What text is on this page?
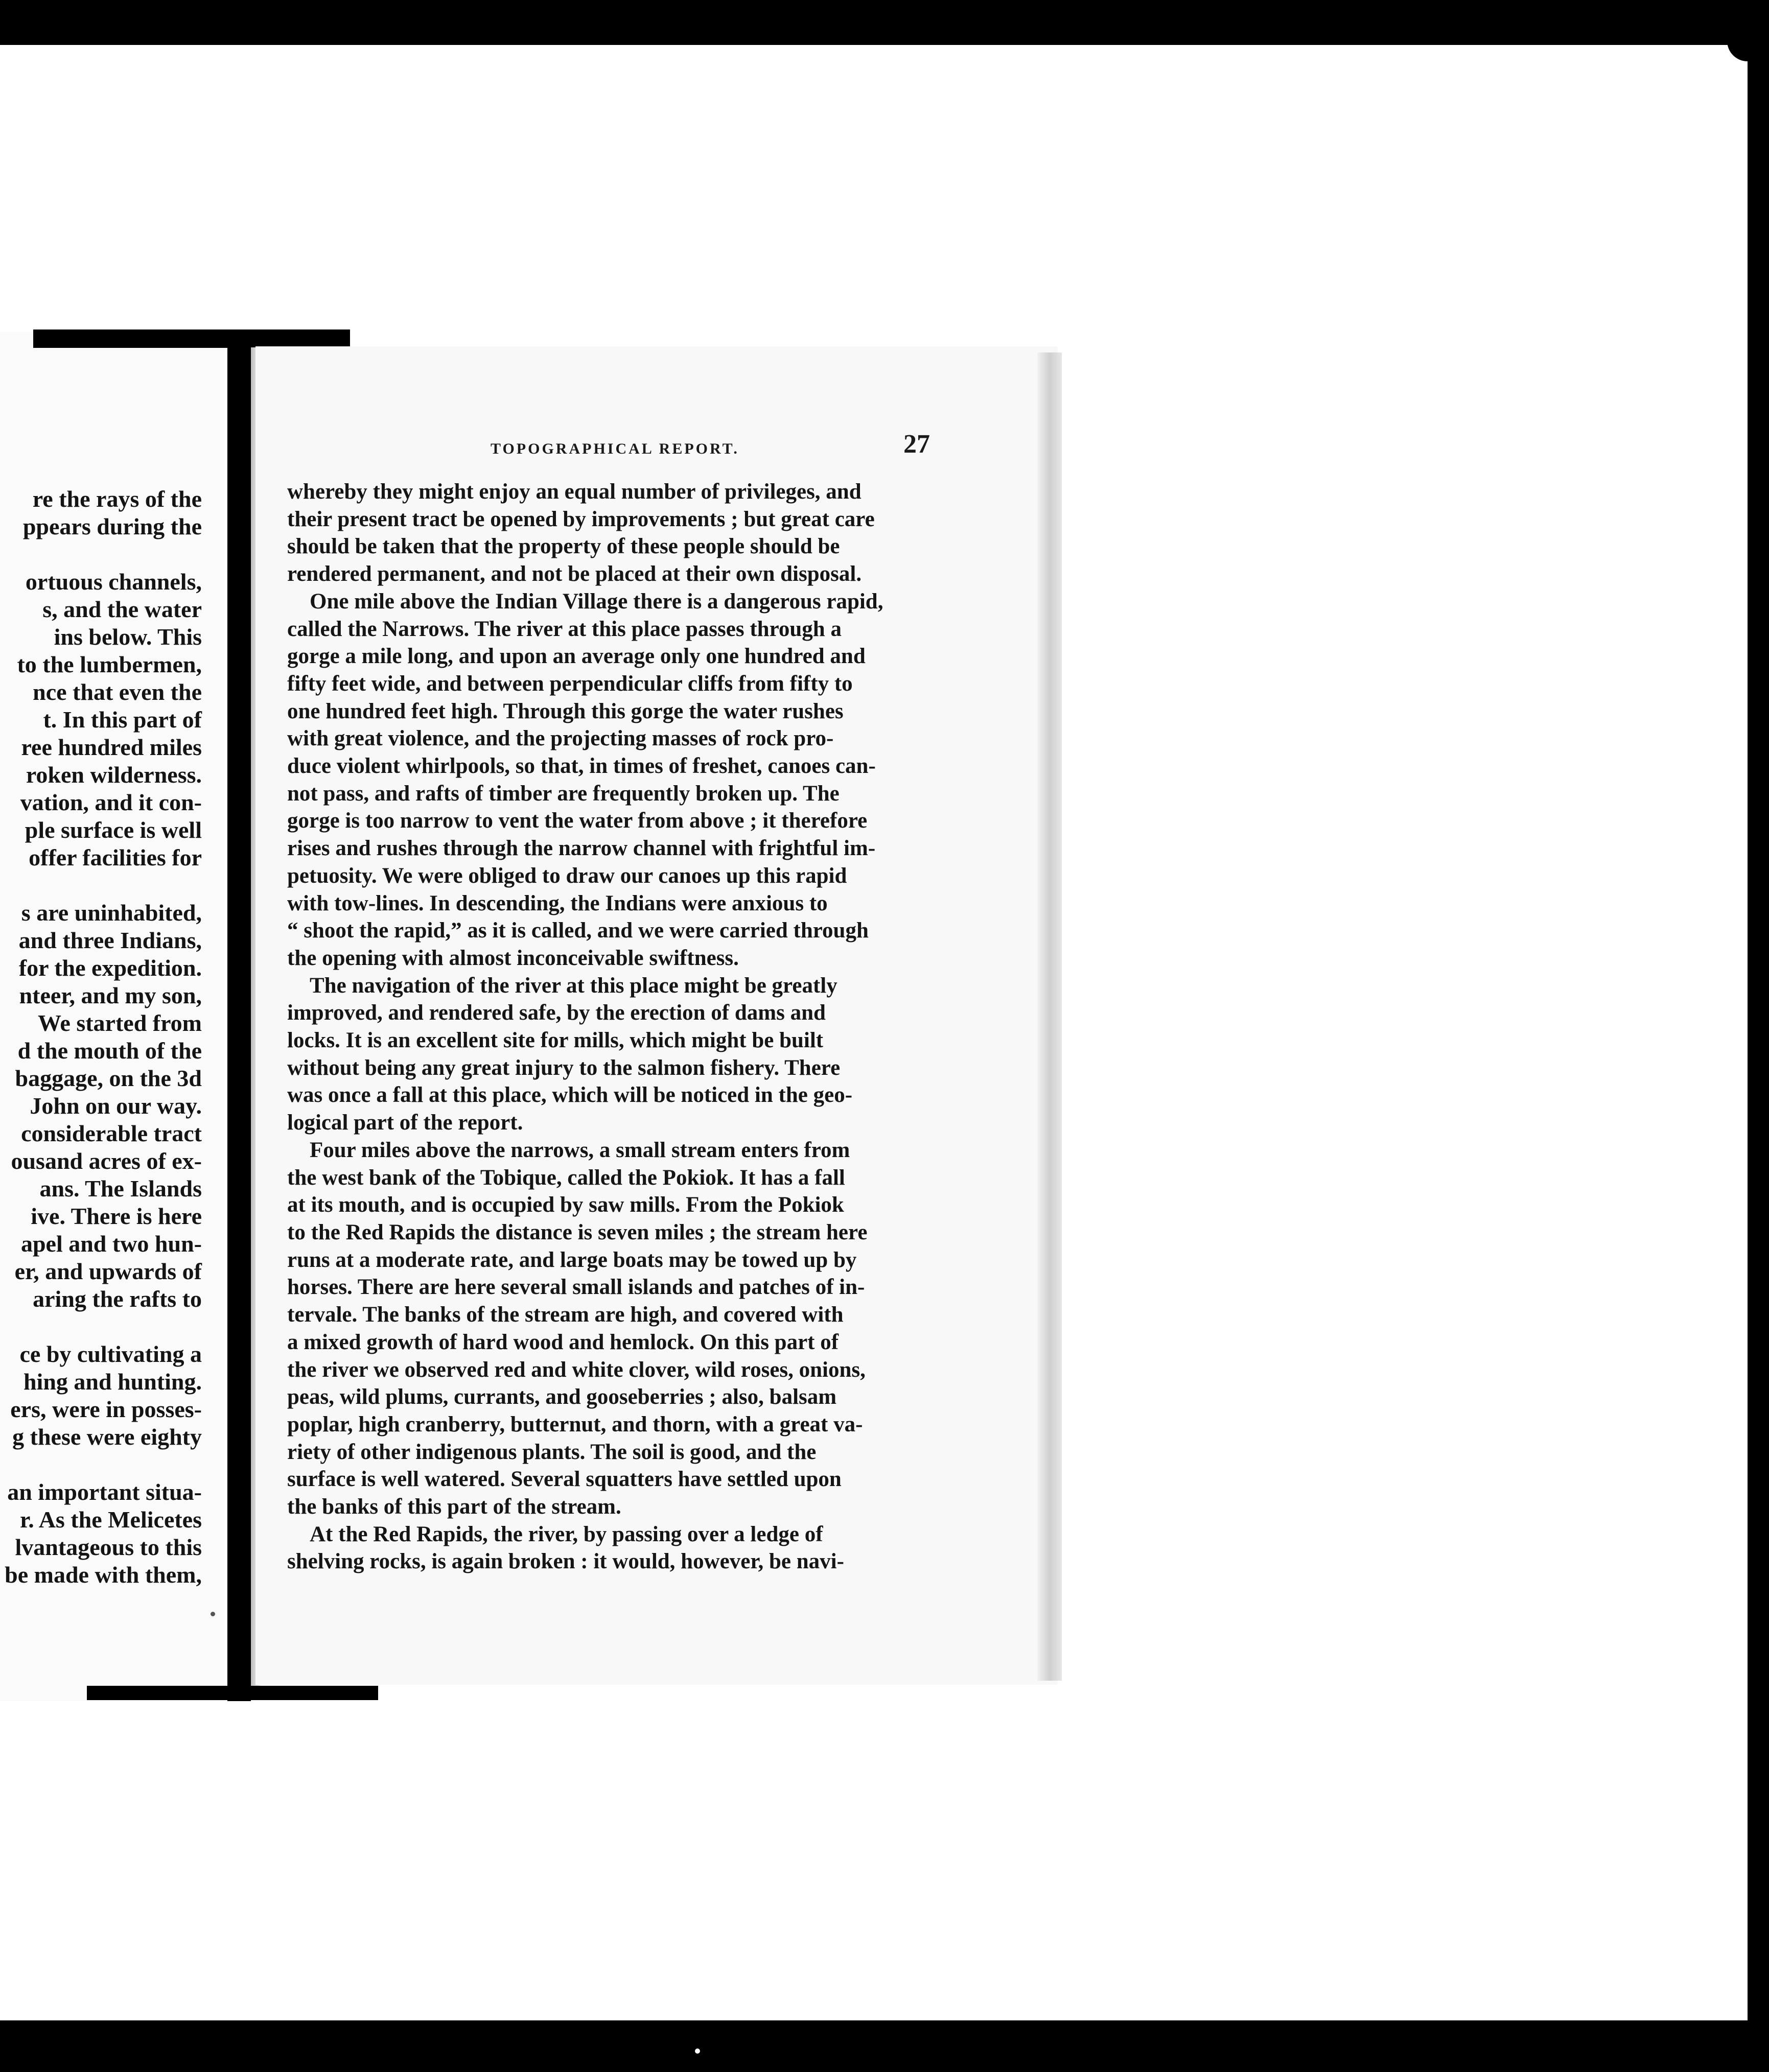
re the rays of the
ppears during the
ortuous channels,
s, and the water
ins below. This
to the lumbermen,
nce that even the
t. In this part of
ree hundred miles
roken wilderness.
vation, and it con-
ple surface is well
offer facilities for
s are uninhabited,
and three Indians,
for the expedition.
nteer, and my son,
We started from
d the mouth of the
baggage, on the 3d
John on our way.
considerable tract
ousand acres of ex-
ans. The Islands
ive. There is here
apel and two hun-
er, and upwards of
aring the rafts to
ce by cultivating a
hing and hunting.
ers, were in posses-
g these were eighty
an important situa-
r. As the Melicetes
lvantageous to this
be made with them,
TOPOGRAPHICAL REPORT.	27
whereby they might enjoy an equal number of privileges, and
their present tract be opened by improvements ; but great care
should be taken that the property of these people should be
rendered permanent, and not be placed at their own disposal.
One mile above the Indian Village there is a dangerous rapid,
called the Narrows. The river at this place passes through a
gorge a mile long, and upon an average only one hundred and
fifty feet wide, and between perpendicular cliffs from fifty to
one hundred feet high. Through this gorge the water rushes
with great violence, and the projecting masses of rock pro-
duce violent whirlpools, so that, in times of freshet, canoes can-
not pass, and rafts of timber are frequently broken up. The
gorge is too narrow to vent the water from above ; it therefore
rises and rushes through the narrow channel with frightful im-
petuosity. We were obliged to draw our canoes up this rapid
with tow-lines. In descending, the Indians were anxious to
“ shoot the rapid,” as it is called, and we were carried through
the opening with almost inconceivable swiftness.
The navigation of the river at this place might be greatly
improved, and rendered safe, by the erection of dams and
locks. It is an excellent site for mills, which might be built
without being any great injury to the salmon fishery. There
was once a fall at this place, which will be noticed in the geo-
logical part of the report.
Four miles above the narrows, a small stream enters from
the west bank of the Tobique, called the Pokiok. It has a fall
at its mouth, and is occupied by saw mills. From the Pokiok
to the Red Rapids the distance is seven miles ; the stream here
runs at a moderate rate, and large boats may be towed up by
horses. There are here several small islands and patches of in-
tervale. The banks of the stream are high, and covered with
a mixed growth of hard wood and hemlock. On this part of
the river we observed red and white clover, wild roses, onions,
peas, wild plums, currants, and gooseberries ; also, balsam
poplar, high cranberry, butternut, and thorn, with a great va-
riety of other indigenous plants. The soil is good, and the
surface is well watered. Several squatters have settled upon
the banks of this part of the stream.
At the Red Rapids, the river, by passing over a ledge of
shelving rocks, is again broken : it would, however, be navi-
